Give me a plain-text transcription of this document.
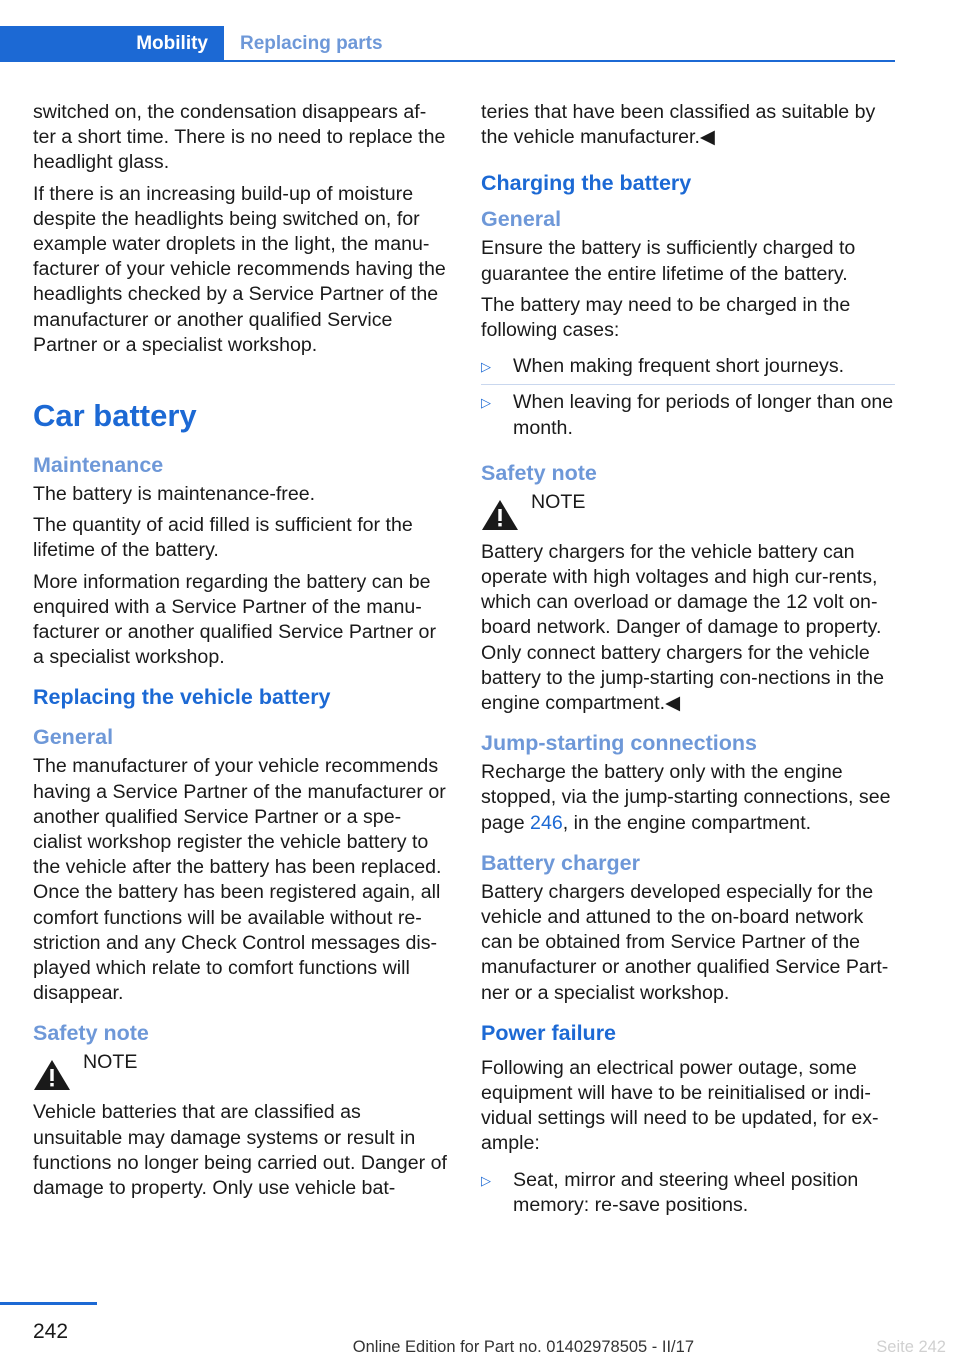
Mobility	Replacing parts

switched on, the condensation disappears af‐ter a short time. There is no need to replace the headlight glass.

If there is an increasing build-up of moisture despite the headlights being switched on, for example water droplets in the light, the manu‐facturer of your vehicle recommends having the headlights checked by a Service Partner of the manufacturer or another qualified Service Partner or a specialist workshop.

Car battery
Maintenance

The battery is maintenance-free.

The quantity of acid filled is sufficient for the lifetime of the battery.

More information regarding the battery can be enquired with a Service Partner of the manu‐facturer or another qualified Service Partner or a specialist workshop.

Replacing the vehicle battery
General

The manufacturer of your vehicle recommends having a Service Partner of the manufacturer or another qualified Service Partner or a spe‐cialist workshop register the vehicle battery to the vehicle after the battery has been replaced. Once the battery has been registered again, all comfort functions will be available without re‐striction and any Check Control messages dis‐played which relate to comfort functions will disappear.

Safety note
NOTE

Vehicle batteries that are classified as unsuitable may damage systems or result in functions no longer being carried out. Danger of damage to property. Only use vehicle bat‐

teries that have been classified as suitable by the vehicle manufacturer.◀

Charging the battery
General

Ensure the battery is sufficiently charged to guarantee the entire lifetime of the battery.

The battery may need to be charged in the following cases:

▷	When making frequent short journeys.
▷	When leaving for periods of longer than one month.
Safety note
NOTE

Battery chargers for the vehicle battery can operate with high voltages and high cur‐rents, which can overload or damage the 12 volt on-board network. Danger of damage to property. Only connect battery chargers for the vehicle battery to the jump-starting con‐nections in the engine compartment.◀

Jump-starting connections

Recharge the battery only with the engine stopped, via the jump-starting connections, see page 246, in the engine compartment.

Battery charger

Battery chargers developed especially for the vehicle and attuned to the on-board network can be obtained from Service Partner of the manufacturer or another qualified Service Part‐ner or a specialist workshop.

Power failure

Following an electrical power outage, some equipment will have to be reinitialised or indi‐vidual settings will need to be updated, for ex‐ample:

▷	Seat, mirror and steering wheel position memory: re-save positions.
242
Online Edition for Part no. 01402978505 - II/17	Seite 242
